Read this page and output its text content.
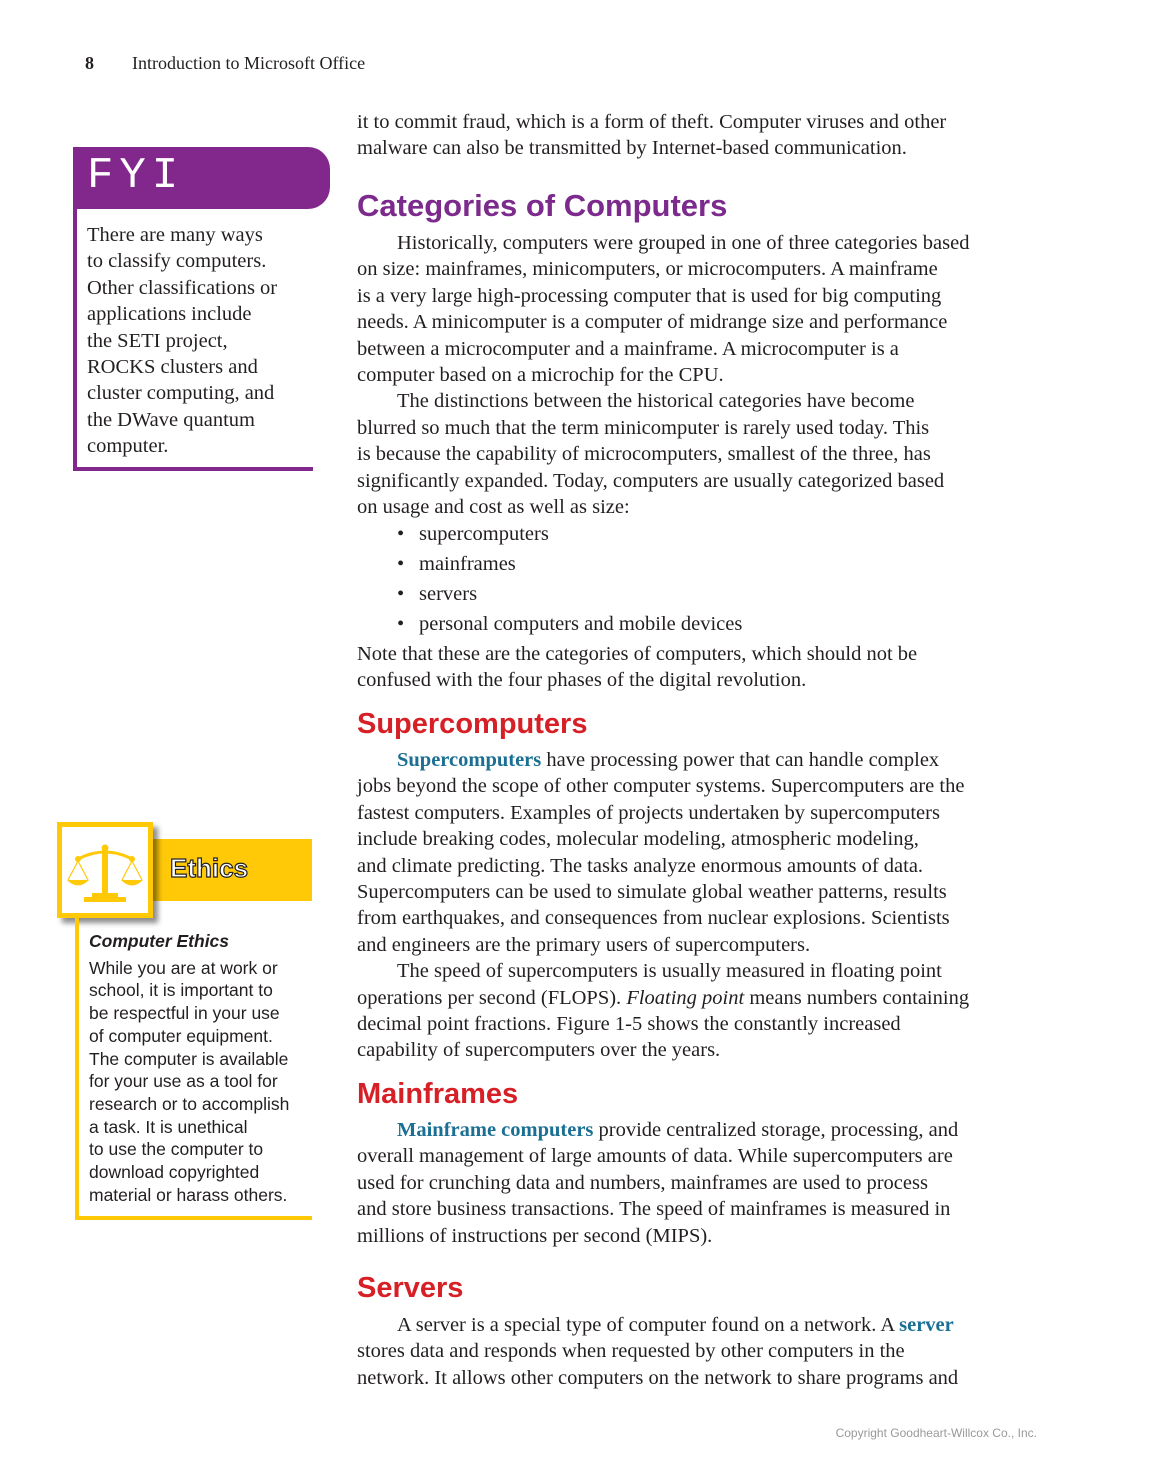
8 Introduction to Microsoft Office
FYI
There are many ways
to classify computers.
Other classifications or
applications include
the SETI project,
ROCKS clusters and
cluster computing, and
the DWave quantum
computer.
Ethics
Computer Ethics
While you are at work or
school, it is important to
be respectful in your use
of computer equipment.
The computer is available
for your use as a tool for
research or to accomplish
a task. It is unethical
to use the computer to
download copyrighted
material or harass others.
it to commit fraud, which is a form of theft. Computer viruses and other
malware can also be transmitted by Internet-based communication.
Categories of Computers
Historically, computers were grouped in one of three categories based
on size: mainframes, minicomputers, or microcomputers. A mainframe
is a very large high-processing computer that is used for big computing
needs. A minicomputer is a computer of midrange size and performance
between a microcomputer and a mainframe. A microcomputer is a
computer based on a microchip for the CPU.
The distinctions between the historical categories have become
blurred so much that the term minicomputer is rarely used today. This
is because the capability of microcomputers, smallest of the three, has
significantly expanded. Today, computers are usually categorized based
on usage and cost as well as size:
• supercomputers
• mainframes
• servers
• personal computers and mobile devices
Note that these are the categories of computers, which should not be
confused with the four phases of the digital revolution.
Supercomputers
Supercomputers have processing power that can handle complex
jobs beyond the scope of other computer systems. Supercomputers are the
fastest computers. Examples of projects undertaken by supercomputers
include breaking codes, molecular modeling, atmospheric modeling,
and climate predicting. The tasks analyze enormous amounts of data.
Supercomputers can be used to simulate global weather patterns, results
from earthquakes, and consequences from nuclear explosions. Scientists
and engineers are the primary users of supercomputers.
The speed of supercomputers is usually measured in floating point
operations per second (FLOPS). Floating point means numbers containing
decimal point fractions. Figure 1-5 shows the constantly increased
capability of supercomputers over the years.
Mainframes
Mainframe computers provide centralized storage, processing, and
overall management of large amounts of data. While supercomputers are
used for crunching data and numbers, mainframes are used to process
and store business transactions. The speed of mainframes is measured in
millions of instructions per second (MIPS).
Servers
A server is a special type of computer found on a network. A server
stores data and responds when requested by other computers in the
network. It allows other computers on the network to share programs and
Copyright Goodheart-Willcox Co., Inc.
